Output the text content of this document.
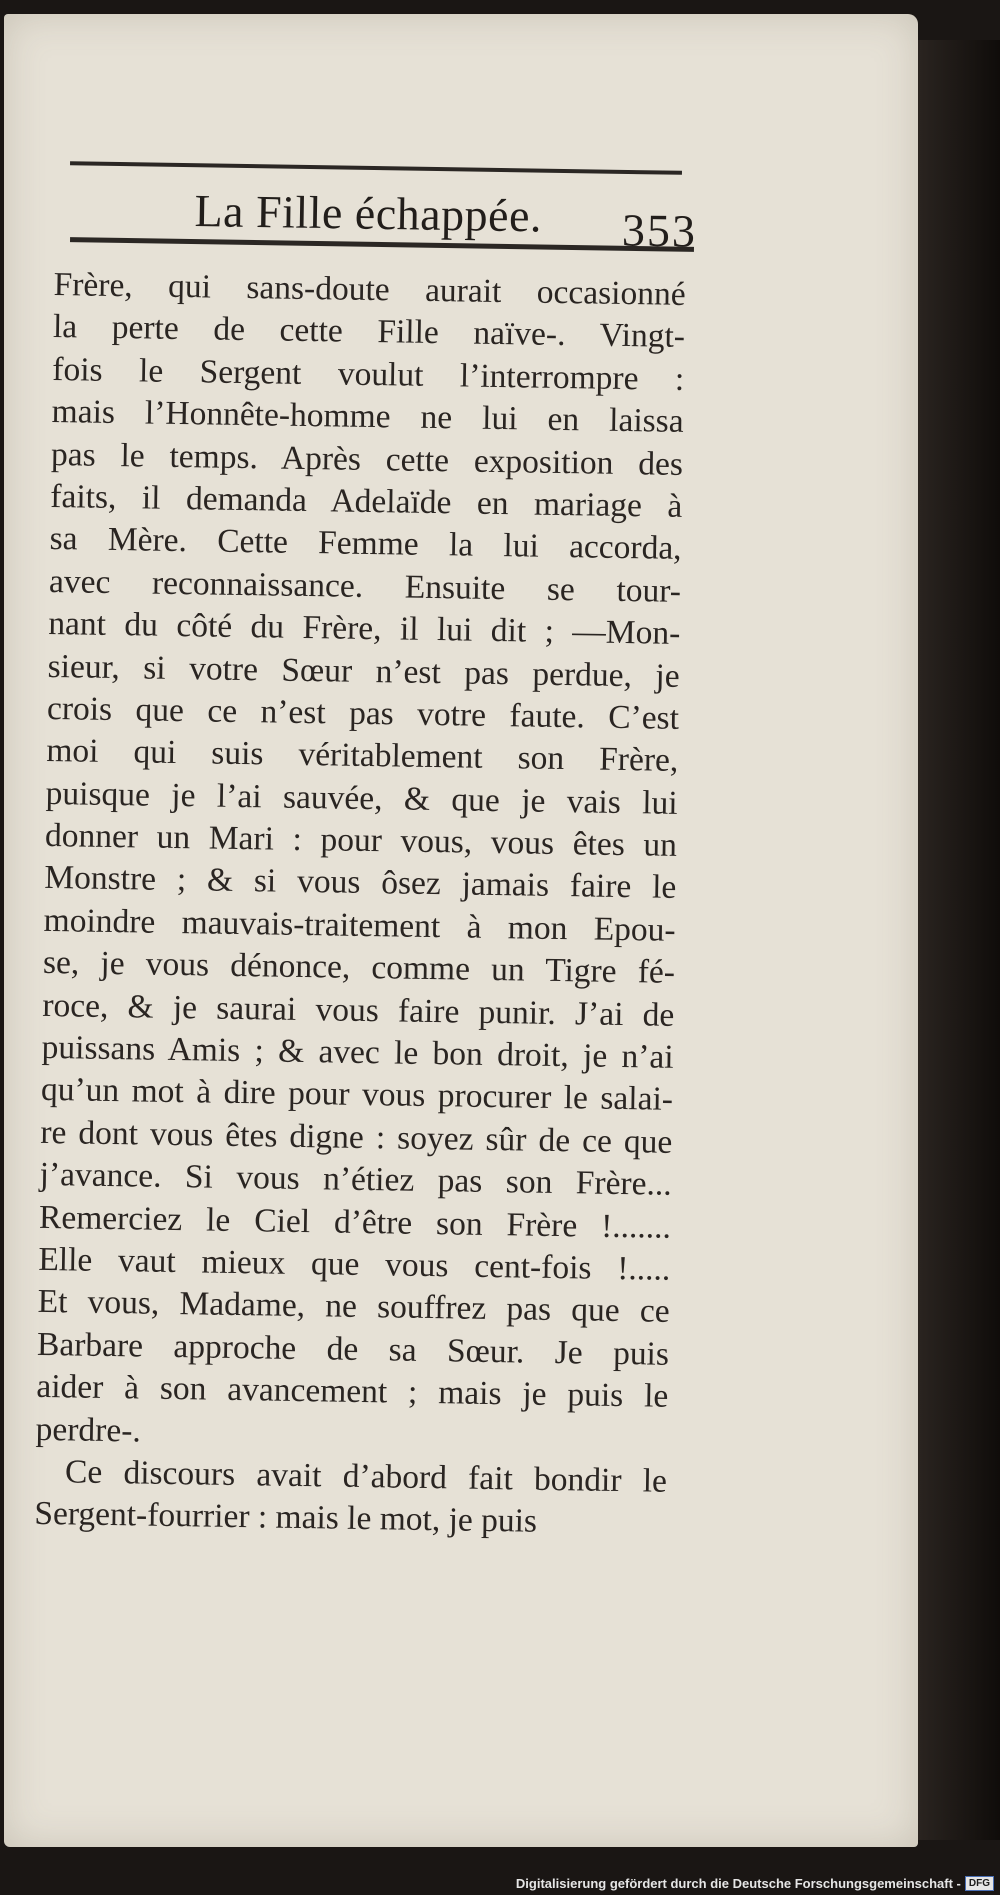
La Fille échappée. 353
Frère, qui sans-doute aurait occasionné
la perte de cette Fille naïve-. Vingt-
fois le Sergent voulut l’interrompre :
mais l’Honnête-homme ne lui en laissa
pas le temps. Après cette exposition des
faits, il demanda Adelaïde en mariage à
sa Mère. Cette Femme la lui accorda,
avec reconnaissance. Ensuite se tour-
nant du côté du Frère, il lui dit ; —Mon-
sieur, si votre Sœur n’est pas perdue, je
crois que ce n’est pas votre faute. C’est
moi qui suis véritablement son Frère,
puisque je l’ai sauvée, & que je vais lui
donner un Mari : pour vous, vous êtes un
Monstre ; & si vous ôsez jamais faire le
moindre mauvais-traitement à mon Epou-
se, je vous dénonce, comme un Tigre fé-
roce, & je saurai vous faire punir. J’ai de
puissans Amis ; & avec le bon droit, je n’ai
qu’un mot à dire pour vous procurer le salai-
re dont vous êtes digne : soyez sûr de ce que
j’avance. Si vous n’étiez pas son Frère...
Remerciez le Ciel d’être son Frère !.......
Elle vaut mieux que vous cent-fois !.....
Et vous, Madame, ne souffrez pas que ce
Barbare approche de sa Sœur. Je puis
aider à son avancement ; mais je puis le
perdre-.
Ce discours avait d’abord fait bondir le
Sergent-fourrier : mais le mot, je puis
Digitalisierung gefördert durch die Deutsche Forschungsgemeinschaft - DFG
